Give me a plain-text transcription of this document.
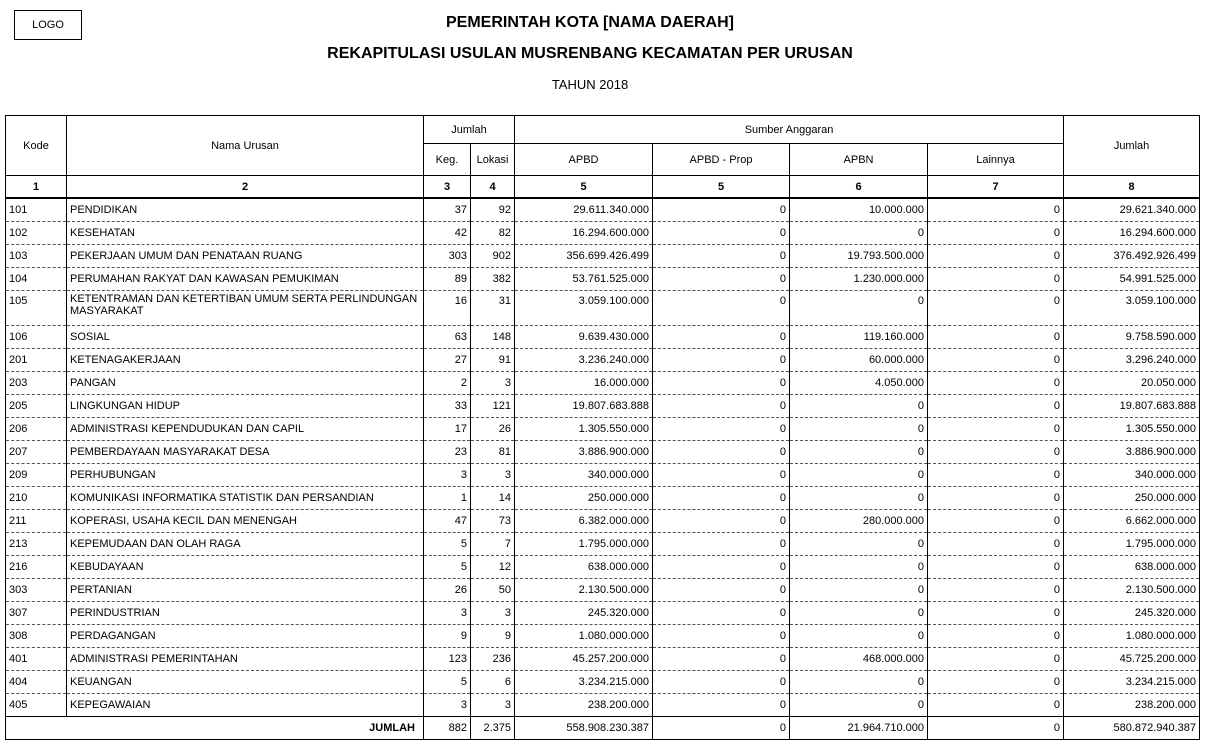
LOGO	PEMERINTAH KOTA [NAMA DAERAH]
REKAPITULASI USULAN MUSRENBANG KECAMATAN PER URUSAN
TAHUN 2018
Kode	Nama Urusan	Jumlah		Sumber Anggaran				Jumlah
		Keg.	Lokasi	APBD	APBD - Prop	APBN	Lainnya	
1	2	3	4	5	5	6	7	8
101	PENDIDIKAN	37	92	29.611.340.000	0	10.000.000	0	29.621.340.000
102	KESEHATAN	42	82	16.294.600.000	0	0	0	16.294.600.000
103	PEKERJAAN UMUM DAN PENATAAN RUANG	303	902	356.699.426.499	0	19.793.500.000	0	376.492.926.499
104	PERUMAHAN RAKYAT DAN KAWASAN PEMUKIMAN	89	382	53.761.525.000	0	1.230.000.000	0	54.991.525.000
105	KETENTRAMAN DAN KETERTIBAN UMUM SERTA PERLINDUNGAN MASYARAKAT	16	31	3.059.100.000	0	0	0	3.059.100.000
106	SOSIAL	63	148	9.639.430.000	0	119.160.000	0	9.758.590.000
201	KETENAGAKERJAAN	27	91	3.236.240.000	0	60.000.000	0	3.296.240.000
203	PANGAN	2	3	16.000.000	0	4.050.000	0	20.050.000
205	LINGKUNGAN HIDUP	33	121	19.807.683.888	0	0	0	19.807.683.888
206	ADMINISTRASI KEPENDUDUKAN DAN CAPIL	17	26	1.305.550.000	0	0	0	1.305.550.000
207	PEMBERDAYAAN MASYARAKAT DESA	23	81	3.886.900.000	0	0	0	3.886.900.000
209	PERHUBUNGAN	3	3	340.000.000	0	0	0	340.000.000
210	KOMUNIKASI INFORMATIKA STATISTIK DAN PERSANDIAN	1	14	250.000.000	0	0	0	250.000.000
211	KOPERASI, USAHA KECIL DAN MENENGAH	47	73	6.382.000.000	0	280.000.000	0	6.662.000.000
213	KEPEMUDAAN DAN OLAH RAGA	5	7	1.795.000.000	0	0	0	1.795.000.000
216	KEBUDAYAAN	5	12	638.000.000	0	0	0	638.000.000
303	PERTANIAN	26	50	2.130.500.000	0	0	0	2.130.500.000
307	PERINDUSTRIAN	3	3	245.320.000	0	0	0	245.320.000
308	PERDAGANGAN	9	9	1.080.000.000	0	0	0	1.080.000.000
401	ADMINISTRASI PEMERINTAHAN	123	236	45.257.200.000	0	468.000.000	0	45.725.200.000
404	KEUANGAN	5	6	3.234.215.000	0	0	0	3.234.215.000
405	KEPEGAWAIAN	3	3	238.200.000	0	0	0	238.200.000
JUMLAH		882	2.375	558.908.230.387	0	21.964.710.000	0	580.872.940.387
